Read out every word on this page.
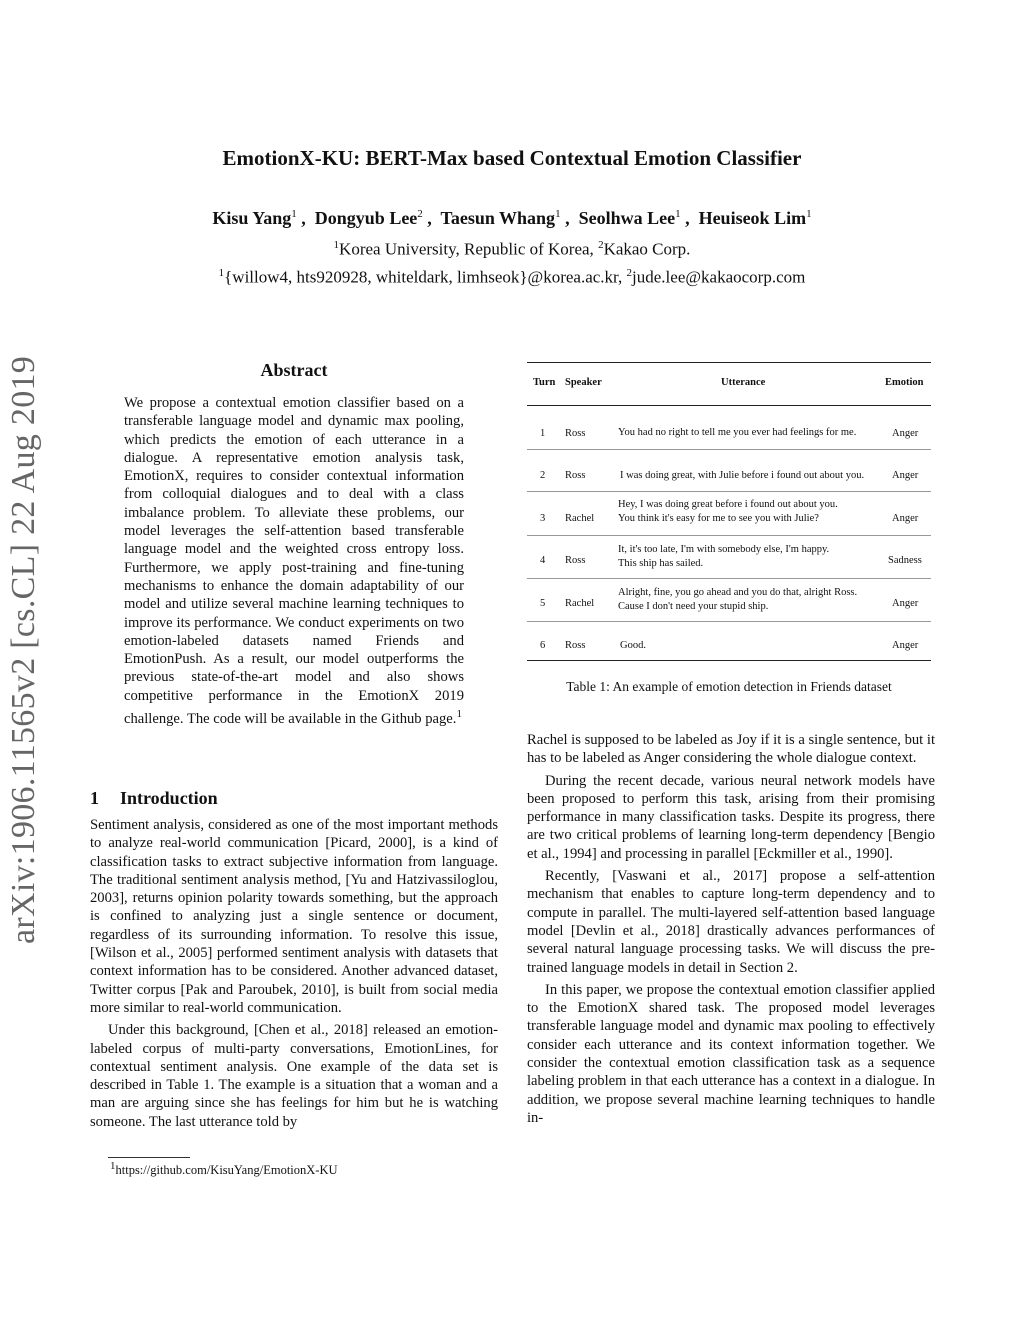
EmotionX-KU: BERT-Max based Contextual Emotion Classifier
Kisu Yang$^1$ ,  Dongyub Lee$^2$ ,  Taesun Whang$^1$ ,  Seolhwa Lee$^1$ ,  Heuiseok Lim$^1$
$^1$Korea University, Republic of Korea, $^2$Kakao Corp.
$^1${willow4, hts920928, whiteldark, limhseok}@korea.ac.kr, $^2$jude.lee@kakaocorp.com
arXiv:1906.11565v2 [cs.CL] 22 Aug 2019	Abstract
We propose a contextual emotion classifier based on a transferable language model and dynamic max pooling, which predicts the emotion of each utterance in a dialogue. A representative emotion analysis task, EmotionX, requires to consider contextual information from colloquial dialogues and to deal with a class imbalance problem. To alleviate these problems, our model leverages the self-attention based transferable language model and the weighted cross entropy loss. Furthermore, we apply post-training and fine-tuning mechanisms to enhance the domain adaptability of our model and utilize several machine learning techniques to improve its performance. We conduct experiments on two emotion-labeled datasets named Friends and EmotionPush. As a result, our model outperforms the previous state-of-the-art model and also shows competitive performance in the EmotionX 2019 challenge. The code will be available in the Github page.$^1$
1 Introduction

Sentiment analysis, considered as one of the most important methods to analyze real-world communication [Picard, 2000], is a kind of classification tasks to extract subjective information from language. The traditional sentiment analysis method, [Yu and Hatzivassiloglou, 2003], returns opinion polarity towards something, but the approach is confined to analyzing just a single sentence or document, regardless of its surrounding information. To resolve this issue, [Wilson et al., 2005] performed sentiment analysis with datasets that context information has to be considered. Another advanced dataset, Twitter corpus [Pak and Paroubek, 2010], is built from social media more similar to real-world communication.

Under this background, [Chen et al., 2018] released an emotion-labeled corpus of multi-party conversations, EmotionLines, for contextual sentiment analysis. One example of the data set is described in Table 1. The example is a situation that a woman and a man are arguing since she has feelings for him but he is watching someone. The last utterance told by

$^1$https://github.com/KisuYang/EmotionX-KU
Turn Speaker	Utterance	Emotion
1 Ross	You had no right to tell me you ever had feelings for me.	Anger
2 Ross	I was doing great, with Julie before i found out about you.	Anger
3 Rachel
Hey, I was doing great before i found out about you.
You think it's easy for me to see you with Julie?	Anger
4 Ross
It, it's too late, I'm with somebody else, I'm happy.
This ship has sailed.	Sadness
5 Rachel
Alright, fine, you go ahead and you do that, alright Ross.
Cause I don't need your stupid ship.	Anger
6 Ross	Good.	Anger
Table 1: An example of emotion detection in Friends dataset

Rachel is supposed to be labeled as Joy if it is a single sentence, but it has to be labeled as Anger considering the whole dialogue context.

During the recent decade, various neural network models have been proposed to perform this task, arising from their promising performance in many classification tasks. Despite its progress, there are two critical problems of learning long-term dependency [Bengio et al., 1994] and processing in parallel [Eckmiller et al., 1990].

Recently, [Vaswani et al., 2017] propose a self-attention mechanism that enables to capture long-term dependency and to compute in parallel. The multi-layered self-attention based language model [Devlin et al., 2018] drastically advances performances of several natural language processing tasks. We will discuss the pre-trained language models in detail in Section 2.

In this paper, we propose the contextual emotion classifier applied to the EmotionX shared task. The proposed model leverages transferable language model and dynamic max pooling to effectively consider each utterance and its context information together. We consider the contextual emotion classification task as a sequence labeling problem in that each utterance has a context in a dialogue. In addition, we propose several machine learning techniques to handle in-
